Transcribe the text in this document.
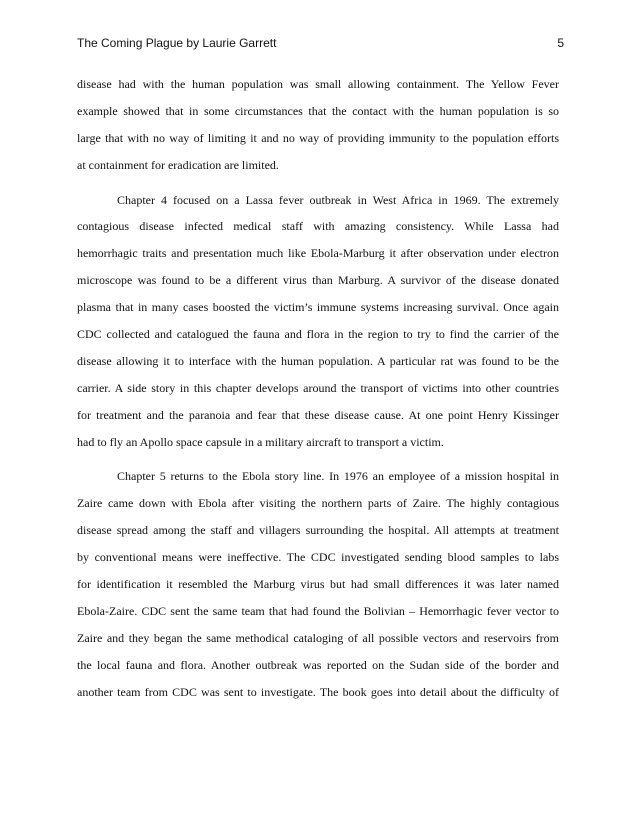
The Coming Plague by Laurie Garrett	5

disease had with the human population was small allowing containment. The Yellow Fever
example showed that in some circumstances that the contact with the human population is so
large that with no way of limiting it and no way of providing immunity to the population efforts
at containment for eradication are limited.

Chapter 4 focused on a Lassa fever outbreak in West Africa in 1969. The extremely
contagious disease infected medical staff with amazing consistency. While Lassa had
hemorrhagic traits and presentation much like Ebola-Marburg it after observation under electron
microscope was found to be a different virus than Marburg. A survivor of the disease donated
plasma that in many cases boosted the victim’s immune systems increasing survival. Once again
CDC collected and catalogued the fauna and flora in the region to try to find the carrier of the
disease allowing it to interface with the human population. A particular rat was found to be the
carrier. A side story in this chapter develops around the transport of victims into other countries
for treatment and the paranoia and fear that these disease cause. At one point Henry Kissinger
had to fly an Apollo space capsule in a military aircraft to transport a victim.

Chapter 5 returns to the Ebola story line. In 1976 an employee of a mission hospital in
Zaire came down with Ebola after visiting the northern parts of Zaire. The highly contagious
disease spread among the staff and villagers surrounding the hospital. All attempts at treatment
by conventional means were ineffective. The CDC investigated sending blood samples to labs
for identification it resembled the Marburg virus but had small differences it was later named
Ebola-Zaire. CDC sent the same team that had found the Bolivian – Hemorrhagic fever vector to
Zaire and they began the same methodical cataloging of all possible vectors and reservoirs from
the local fauna and flora. Another outbreak was reported on the Sudan side of the border and
another team from CDC was sent to investigate. The book goes into detail about the difficulty of
